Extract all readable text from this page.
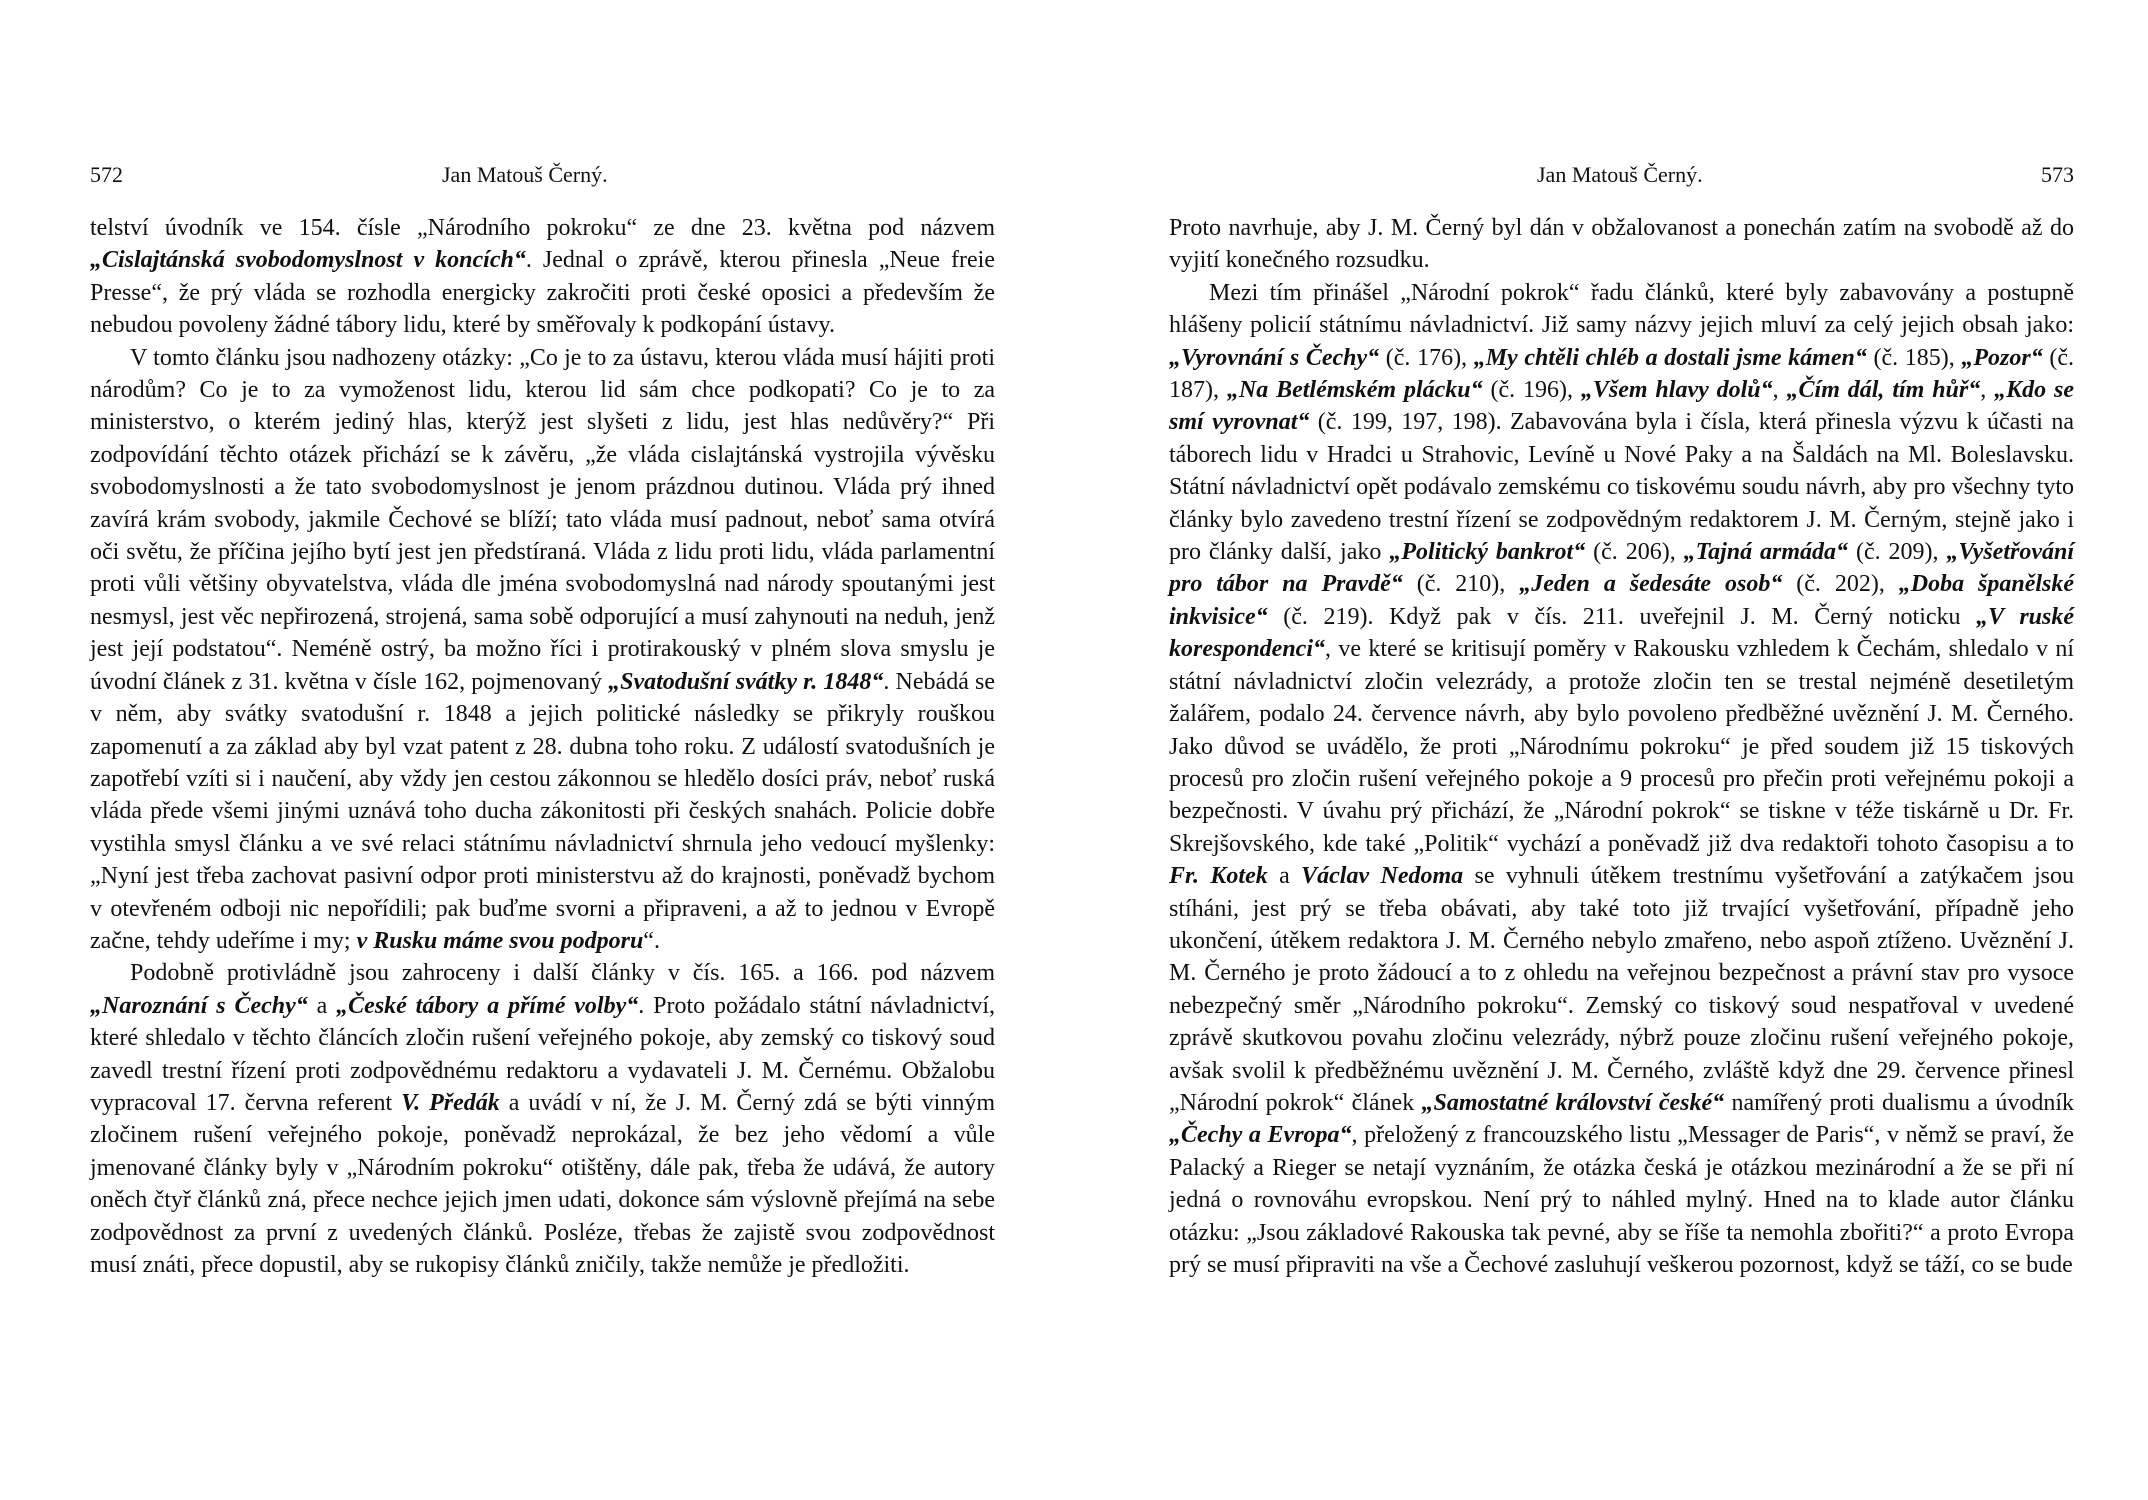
572	Jan Matouš Černý.

telství úvodník ve 154. čísle „Národního pokroku“ ze dne 23. května pod názvem „Cislajtánská svobodomyslnost v koncích“. Jednal o zprávě, kterou přinesla „Neue freie Presse“, že prý vláda se rozhodla energicky zakročiti proti české oposici a především že nebudou povoleny žádné tábory lidu, které by směřovaly k podkopání ústavy.

V tomto článku jsou nadhozeny otázky: „Co je to za ústavu, kterou vláda musí hájiti proti národům? Co je to za vymoženost lidu, kterou lid sám chce podkopati? Co je to za ministerstvo, o kterém jediný hlas, kterýž jest slyšeti z lidu, jest hlas nedůvěry?“ Při zodpovídání těchto otázek přichází se k závěru, „že vláda cislajtánská vystrojila vývěsku svobodomyslnosti a že tato svobodomyslnost je jenom prázdnou dutinou. Vláda prý ihned zavírá krám svobody, jakmile Čechové se blíží; tato vláda musí padnout, neboť sama otvírá oči světu, že příčina jejího bytí jest jen předstíraná. Vláda z lidu proti lidu, vláda parlamentní proti vůli většiny obyvatelstva, vláda dle jména svobodomyslná nad národy spoutanými jest nesmysl, jest věc nepřirozená, strojená, sama sobě odporující a musí zahynouti na neduh, jenž jest její podstatou“. Neméně ostrý, ba možno říci i protirakouský v plném slova smyslu je úvodní článek z 31. května v čísle 162, pojmenovaný „Svatodušní svátky r. 1848“. Nebádá se v něm, aby svátky svatodušní r. 1848 a jejich politické následky se přikryly rouškou zapomenutí a za základ aby byl vzat patent z 28. dubna toho roku. Z událostí svatodušních je zapotřebí vzíti si i naučení, aby vždy jen cestou zákonnou se hledělo dosíci práv, neboť ruská vláda přede všemi jinými uznává toho ducha zákonitosti při českých snahách. Policie dobře vystihla smysl článku a ve své relaci státnímu návladnictví shrnula jeho vedoucí myšlenky: „Nyní jest třeba zachovat pasivní odpor proti ministerstvu až do krajnosti, poněvadž bychom v otevřeném odboji nic nepořídili; pak buďme svorni a připraveni, a až to jednou v Evropě začne, tehdy udeříme i my; v Rusku máme svou podporu“.

Podobně protivládně jsou zahroceny i další články v čís. 165. a 166. pod názvem „Naroznání s Čechy“ a „České tábory a přímé volby“. Proto požádalo státní návladnictví, které shledalo v těchto článcích zločin rušení veřejného pokoje, aby zemský co tiskový soud zavedl trestní řízení proti zodpovědnému redaktoru a vydavateli J. M. Černému. Obžalobu vypracoval 17. června referent V. Předák a uvádí v ní, že J. M. Černý zdá se býti vinným zločinem rušení veřejného pokoje, poněvadž neprokázal, že bez jeho vědomí a vůle jmenované články byly v „Národním pokroku“ otištěny, dále pak, třeba že udává, že autory oněch čtyř článků zná, přece nechce jejich jmen udati, dokonce sám výslovně přejímá na sebe zodpovědnost za první z uvedených článků. Posléze, třebas že zajistě svou zodpovědnost musí znáti, přece dopustil, aby se rukopisy článků zničily, takže nemůže je předložiti.

Jan Matouš Černý.	573

Proto navrhuje, aby J. M. Černý byl dán v obžalovanost a ponechán zatím na svobodě až do vyjití konečného rozsudku.

Mezi tím přinášel „Národní pokrok“ řadu článků, které byly zabavovány a postupně hlášeny policií státnímu návladnictví. Již samy názvy jejich mluví za celý jejich obsah jako: „Vyrovnání s Čechy“ (č. 176), „My chtěli chléb a dostali jsme kámen“ (č. 185), „Pozor“ (č. 187), „Na Betlémském plácku“ (č. 196), „Všem hlavy dolů“, „Čím dál, tím hůř“, „Kdo se smí vyrovnat“ (č. 199, 197, 198). Zabavována byla i čísla, která přinesla výzvu k účasti na táborech lidu v Hradci u Strahovic, Levíně u Nové Paky a na Šaldách na Ml. Boleslavsku. Státní návladnictví opět podávalo zemskému co tiskovému soudu návrh, aby pro všechny tyto články bylo zavedeno trestní řízení se zodpovědným redaktorem J. M. Černým, stejně jako i pro články další, jako „Politický bankrot“ (č. 206), „Tajná armáda“ (č. 209), „Vyšetřování pro tábor na Pravdě“ (č. 210), „Jeden a šedesáte osob“ (č. 202), „Doba španělské inkvisice“ (č. 219). Když pak v čís. 211. uveřejnil J. M. Černý noticku „V ruské korespondenci“, ve které se kritisují poměry v Rakousku vzhledem k Čechám, shledalo v ní státní návladnictví zločin velezrády, a protože zločin ten se trestal nejméně desetiletým žalářem, podalo 24. července návrh, aby bylo povoleno předběžné uvěznění J. M. Černého. Jako důvod se uvádělo, že proti „Národnímu pokroku“ je před soudem již 15 tiskových procesů pro zločin rušení veřejného pokoje a 9 procesů pro přečin proti veřejnému pokoji a bezpečnosti. V úvahu prý přichází, že „Národní pokrok“ se tiskne v téže tiskárně u Dr. Fr. Skrejšovského, kde také „Politik“ vychází a poněvadž již dva redaktoři tohoto časopisu a to Fr. Kotek a Václav Nedoma se vyhnuli útěkem trestnímu vyšetřování a zatýkačem jsou stíháni, jest prý se třeba obávati, aby také toto již trvající vyšetřování, případně jeho ukončení, útěkem redaktora J. M. Černého nebylo zmařeno, nebo aspoň ztíženo. Uvěznění J. M. Černého je proto žádoucí a to z ohledu na veřejnou bezpečnost a právní stav pro vysoce nebezpečný směr „Národního pokroku“. Zemský co tiskový soud nespatřoval v uvedené zprávě skutkovou povahu zločinu velezrády, nýbrž pouze zločinu rušení veřejného pokoje, avšak svolil k předběžnému uvěznění J. M. Černého, zvláště když dne 29. července přinesl „Národní pokrok“ článek „Samostatné království české“ namířený proti dualismu a úvodník „Čechy a Evropa“, přeložený z francouzského listu „Messager de Paris“, v němž se praví, že Palacký a Rieger se netají vyznáním, že otázka česká je otázkou mezinárodní a že se při ní jedná o rovnováhu evropskou. Není prý to náhled mylný. Hned na to klade autor článku otázku: „Jsou základové Rakouska tak pevné, aby se říše ta nemohla zbořiti?“ a proto Evropa prý se musí připraviti na vše a Čechové zasluhují veškerou pozornost, když se táží, co se bude
